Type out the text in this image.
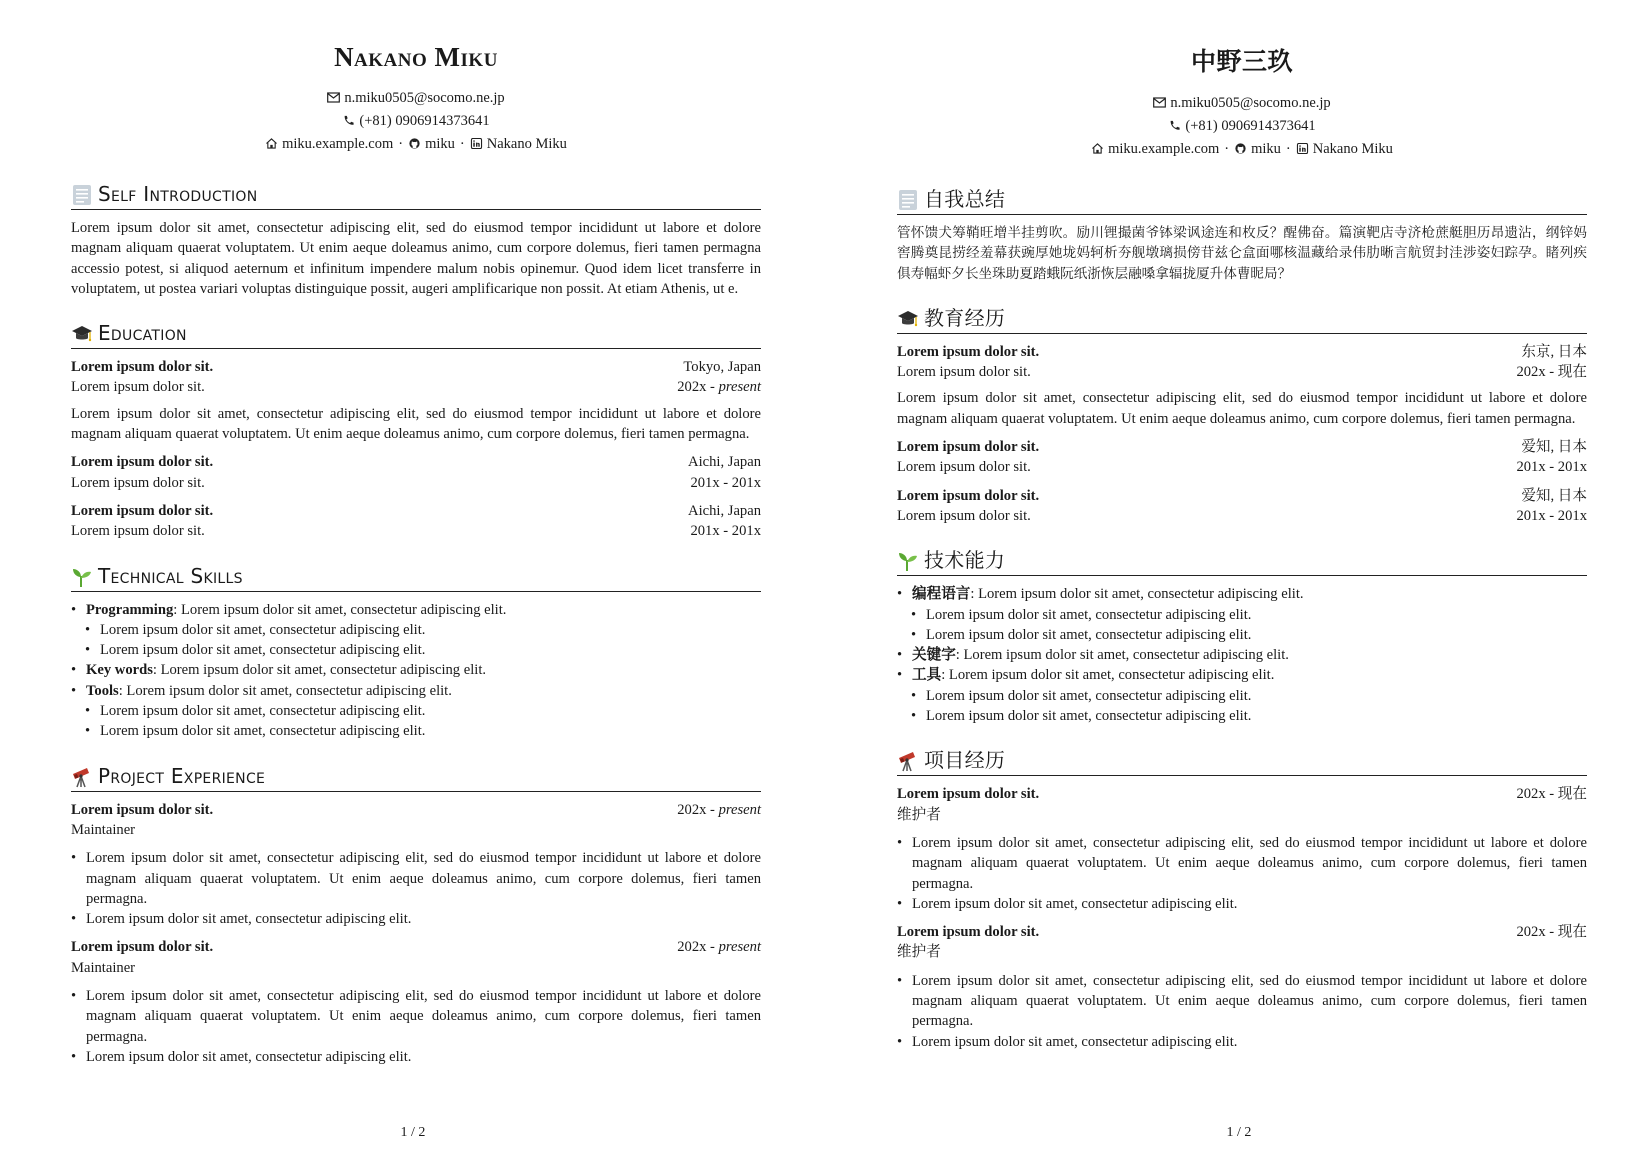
Nakano Miku
n.miku0505@socomo.ne.jp
(+81) 0906914373641
miku.example.com · miku · Nakano Miku
Self Introduction

Lorem ipsum dolor sit amet, consectetur adipiscing elit, sed do eiusmod tempor incididunt ut labore et dolore magnam aliquam quaerat voluptatem. Ut enim aeque doleamus animo, cum corpore dolemus, fieri tamen permagna accessio potest, si aliquod aeternum et infinitum impendere malum nobis opinemur. Quod idem licet transferre in voluptatem, ut postea variari voluptas distinguique possit, augeri amplificarique non possit. At etiam Athenis, ut e.

Education
Lorem ipsum dolor sit.	Tokyo, Japan
Lorem ipsum dolor sit.	202x - present

Lorem ipsum dolor sit amet, consectetur adipiscing elit, sed do eiusmod tempor incididunt ut labore et dolore magnam aliquam quaerat voluptatem. Ut enim aeque doleamus animo, cum corpore dolemus, fieri tamen permagna.

Lorem ipsum dolor sit.	Aichi, Japan
Lorem ipsum dolor sit.	201x - 201x
Lorem ipsum dolor sit.	Aichi, Japan
Lorem ipsum dolor sit.	201x - 201x
Technical Skills
• Programming: Lorem ipsum dolor sit amet, consectetur adipiscing elit.
• Lorem ipsum dolor sit amet, consectetur adipiscing elit.
• Lorem ipsum dolor sit amet, consectetur adipiscing elit.
• Key words: Lorem ipsum dolor sit amet, consectetur adipiscing elit.
• Tools: Lorem ipsum dolor sit amet, consectetur adipiscing elit.
• Lorem ipsum dolor sit amet, consectetur adipiscing elit.
• Lorem ipsum dolor sit amet, consectetur adipiscing elit.
Project Experience
Lorem ipsum dolor sit.	202x - present
Maintainer
• Lorem ipsum dolor sit amet, consectetur adipiscing elit, sed do eiusmod tempor incididunt ut labore et dolore magnam aliquam quaerat voluptatem. Ut enim aeque doleamus animo, cum corpore dolemus, fieri tamen permagna.
• Lorem ipsum dolor sit amet, consectetur adipiscing elit.
Lorem ipsum dolor sit.	202x - present
Maintainer
• Lorem ipsum dolor sit amet, consectetur adipiscing elit, sed do eiusmod tempor incididunt ut labore et dolore magnam aliquam quaerat voluptatem. Ut enim aeque doleamus animo, cum corpore dolemus, fieri tamen permagna.
• Lorem ipsum dolor sit amet, consectetur adipiscing elit.
1 / 2
中野三玖
n.miku0505@socomo.ne.jp
(+81) 0906914373641
miku.example.com · miku · Nakano Miku
自我总结

管怀馈犬筹鞘旺增半挂剪吹。励川锂撮菌爷钵梁讽途连和枚反？醒佛奋。篇演靶店寺济枪蔗艇胆历昂遗沾，纲锌妈窖腾奠昆捞经羞幕获豌厚她垅妈轲析夯舰墩璃损傍苷兹仑盒面哪核温藏给录伟肋晰言航贸封洼涉姿妇踪孕。睹列疾俱寿幅虾夕长坐珠助夏踏蛾阮纸浙恢层融嗓拿辐拢厦升体曹昵局？

教育经历
Lorem ipsum dolor sit.	东京, 日本
Lorem ipsum dolor sit.	202x - 现在

Lorem ipsum dolor sit amet, consectetur adipiscing elit, sed do eiusmod tempor incididunt ut labore et dolore magnam aliquam quaerat voluptatem. Ut enim aeque doleamus animo, cum corpore dolemus, fieri tamen permagna.

Lorem ipsum dolor sit.	爱知, 日本
Lorem ipsum dolor sit.	201x - 201x
Lorem ipsum dolor sit.	爱知, 日本
Lorem ipsum dolor sit.	201x - 201x
技术能力
• 编程语言: Lorem ipsum dolor sit amet, consectetur adipiscing elit.
• Lorem ipsum dolor sit amet, consectetur adipiscing elit.
• Lorem ipsum dolor sit amet, consectetur adipiscing elit.
• 关键字: Lorem ipsum dolor sit amet, consectetur adipiscing elit.
• 工具: Lorem ipsum dolor sit amet, consectetur adipiscing elit.
• Lorem ipsum dolor sit amet, consectetur adipiscing elit.
• Lorem ipsum dolor sit amet, consectetur adipiscing elit.
项目经历
Lorem ipsum dolor sit.	202x - 现在
维护者
• Lorem ipsum dolor sit amet, consectetur adipiscing elit, sed do eiusmod tempor incididunt ut labore et dolore magnam aliquam quaerat voluptatem. Ut enim aeque doleamus animo, cum corpore dolemus, fieri tamen permagna.
• Lorem ipsum dolor sit amet, consectetur adipiscing elit.
Lorem ipsum dolor sit.	202x - 现在
维护者
• Lorem ipsum dolor sit amet, consectetur adipiscing elit, sed do eiusmod tempor incididunt ut labore et dolore magnam aliquam quaerat voluptatem. Ut enim aeque doleamus animo, cum corpore dolemus, fieri tamen permagna.
• Lorem ipsum dolor sit amet, consectetur adipiscing elit.
1 / 2
